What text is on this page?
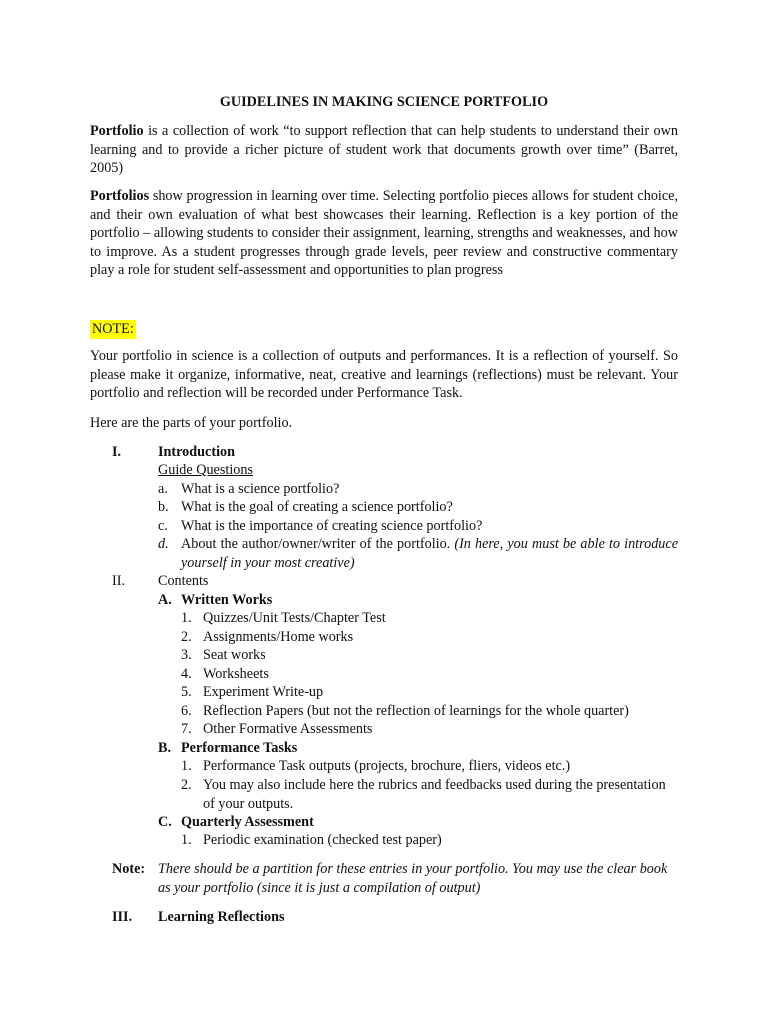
GUIDELINES IN MAKING SCIENCE PORTFOLIO

Portfolio is a collection of work “to support reflection that can help students to understand their own learning and to provide a richer picture of student work that documents growth over time” (Barret, 2005)

Portfolios show progression in learning over time. Selecting portfolio pieces allows for student choice, and their own evaluation of what best showcases their learning. Reflection is a key portion of the portfolio – allowing students to consider their assignment, learning, strengths and weaknesses, and how to improve. As a student progresses through grade levels, peer review and constructive commentary play a role for student self-assessment and opportunities to plan progress

NOTE:

Your portfolio in science is a collection of outputs and performances. It is a reflection of yourself. So please make it organize, informative, neat, creative and learnings (reflections) must be relevant. Your portfolio and reflection will be recorded under Performance Task.

Here are the parts of your portfolio.

I.	Introduction

Guide Questions

a. What is a science portfolio?

b. What is the goal of creating a science portfolio?

c. What is the importance of creating science portfolio?

d. About the author/owner/writer of the portfolio. (In here, you must be able to introduce yourself in your most creative)

II. Contents

A. Written Works

1. Quizzes/Unit Tests/Chapter Test

2. Assignments/Home works

3. Seat works

4. Worksheets

5. Experiment Write-up

6. Reflection Papers (but not the reflection of learnings for the whole quarter)

7. Other Formative Assessments

B. Performance Tasks

1. Performance Task outputs (projects, brochure, fliers, videos etc.)

2. You may also include here the rubrics and feedbacks used during the presentation of your outputs.

C. Quarterly Assessment

1. Periodic examination (checked test paper)

Note: There should be a partition for these entries in your portfolio. You may use the clear book as your portfolio (since it is just a compilation of output)

III. Learning Reflections
